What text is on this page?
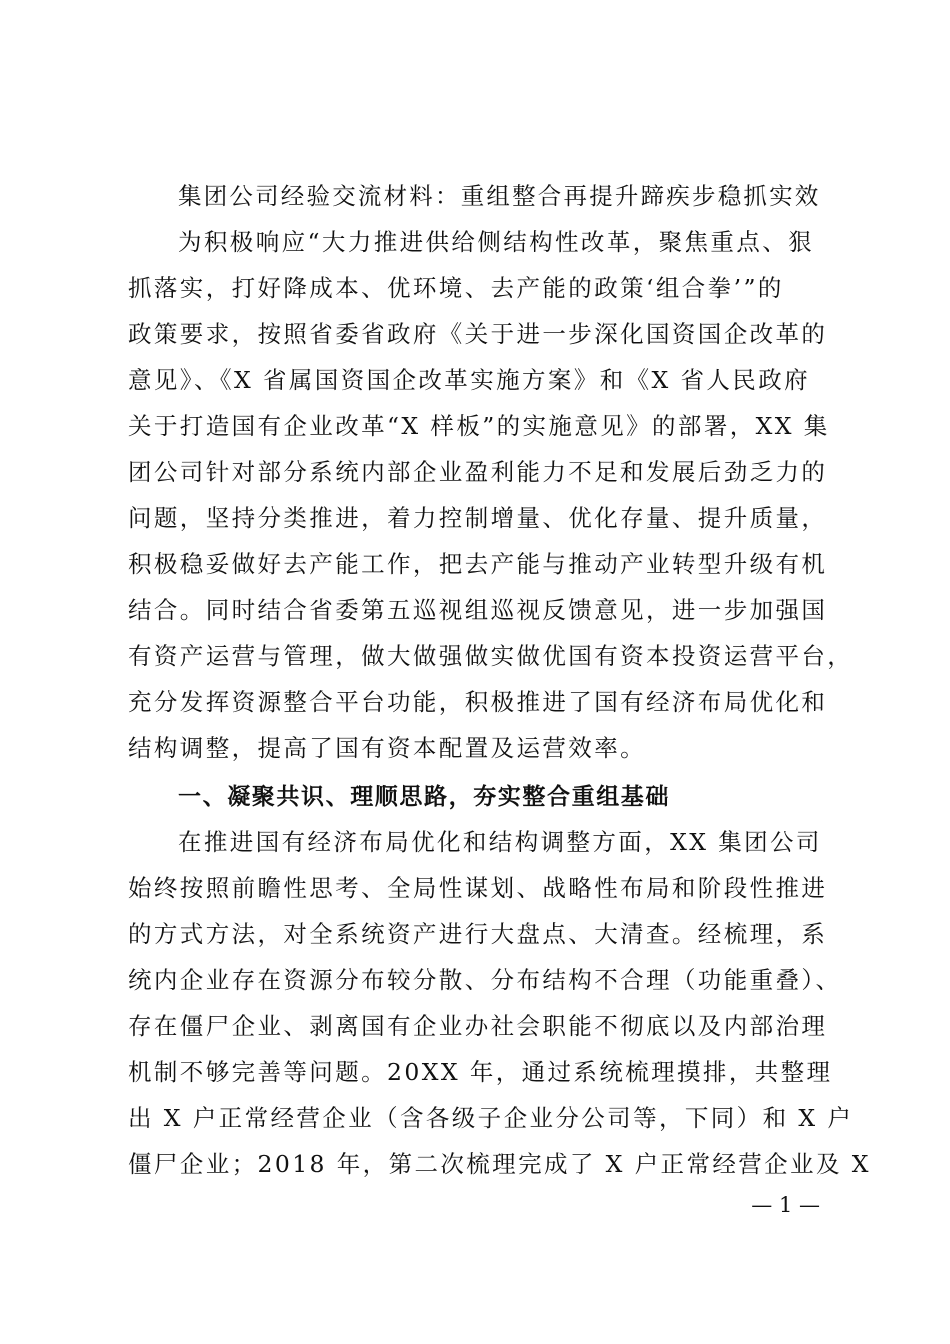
集团公司经验交流材料：重组整合再提升蹄疾步稳抓实效
为积极响应“大力推进供给侧结构性改革，聚焦重点、狠
抓落实，打好降成本、优环境、去产能的政策‘组合拳’”的
政策要求，按照省委省政府《关于进一步深化国资国企改革的
意见》、《X 省属国资国企改革实施方案》和《X 省人民政府
关于打造国有企业改革“X 样板”的实施意见》的部署，XX 集
团公司针对部分系统内部企业盈利能力不足和发展后劲乏力的
问题，坚持分类推进，着力控制增量、优化存量、提升质量，
积极稳妥做好去产能工作，把去产能与推动产业转型升级有机
结合。同时结合省委第五巡视组巡视反馈意见，进一步加强国
有资产运营与管理，做大做强做实做优国有资本投资运营平台，
充分发挥资源整合平台功能，积极推进了国有经济布局优化和
结构调整，提高了国有资本配置及运营效率。
一、凝聚共识、理顺思路，夯实整合重组基础
在推进国有经济布局优化和结构调整方面，XX 集团公司
始终按照前瞻性思考、全局性谋划、战略性布局和阶段性推进
的方式方法，对全系统资产进行大盘点、大清查。经梳理，系
统内企业存在资源分布较分散、分布结构不合理（功能重叠）、
存在僵尸企业、剥离国有企业办社会职能不彻底以及内部治理
机制不够完善等问题。20XX 年，通过系统梳理摸排，共整理
出 X 户正常经营企业（含各级子企业分公司等，下同）和 X 户
僵尸企业；2018 年，第二次梳理完成了 X 户正常经营企业及 X
— 1 —
